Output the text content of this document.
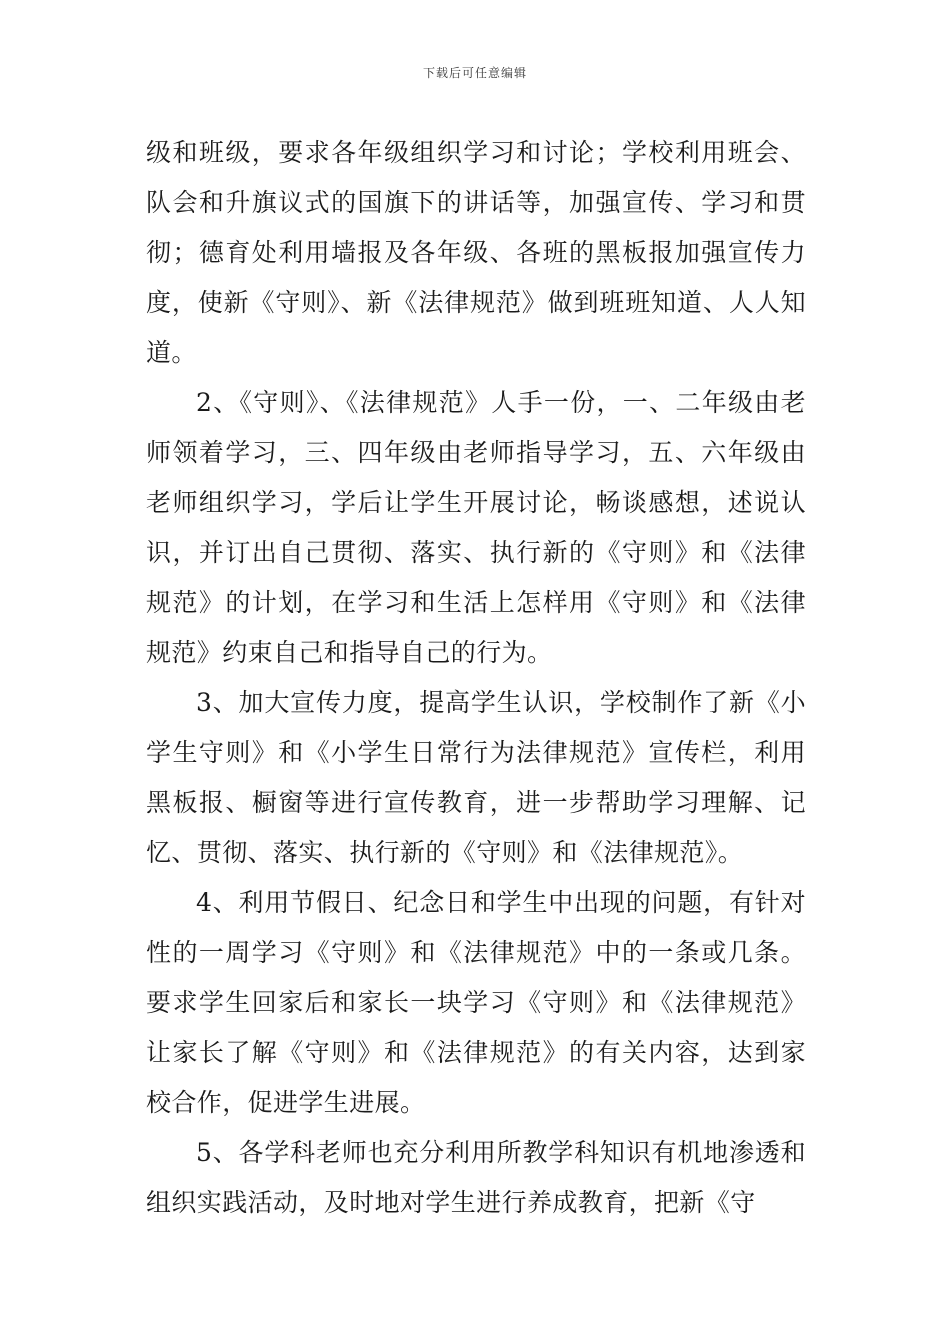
下载后可任意编辑

级和班级，要求各年级组织学习和讨论；学校利用班会、队会和升旗议式的国旗下的讲话等，加强宣传、学习和贯彻；德育处利用墙报及各年级、各班的黑板报加强宣传力度，使新《守则》、新《法律规范》做到班班知道、人人知道。

2、《守则》、《法律规范》人手一份，一、二年级由老师领着学习，三、四年级由老师指导学习，五、六年级由老师组织学习，学后让学生开展讨论，畅谈感想，述说认识，并订出自己贯彻、落实、执行新的《守则》和《法律规范》的计划，在学习和生活上怎样用《守则》和《法律规范》约束自己和指导自己的行为。

3、加大宣传力度，提高学生认识，学校制作了新《小学生守则》和《小学生日常行为法律规范》宣传栏，利用黑板报、橱窗等进行宣传教育，进一步帮助学习理解、记忆、贯彻、落实、执行新的《守则》和《法律规范》。

4、利用节假日、纪念日和学生中出现的问题，有针对性的一周学习《守则》和《法律规范》中的一条或几条。要求学生回家后和家长一块学习《守则》和《法律规范》让家长了解《守则》和《法律规范》的有关内容，达到家校合作，促进学生进展。

5、各学科老师也充分利用所教学科知识有机地渗透和组织实践活动，及时地对学生进行养成教育，把新《守
